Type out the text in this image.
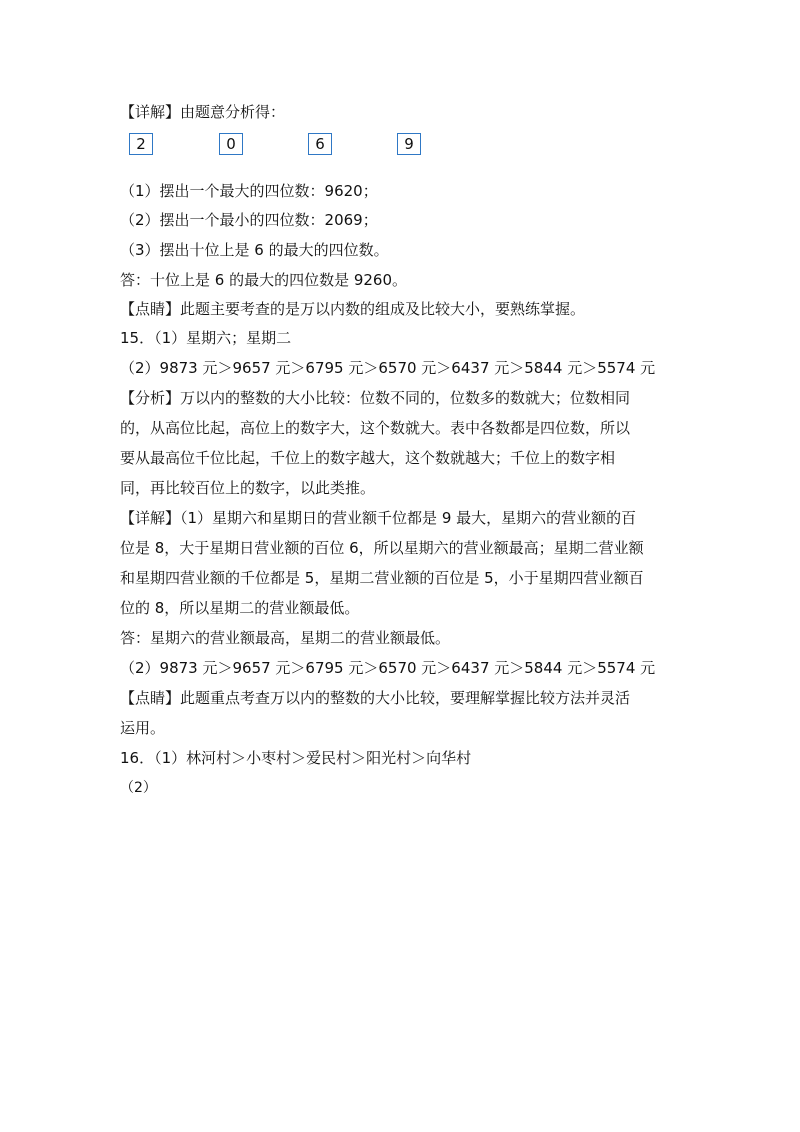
【详解】由题意分析得：
2	0	6	9
（1）摆出一个最大的四位数：9620；
（2）摆出一个最小的四位数：2069；
（3）摆出十位上是 6 的最大的四位数。
答：十位上是 6 的最大的四位数是 9260。
【点睛】此题主要考查的是万以内数的组成及比较大小，要熟练掌握。
15．（1）星期六；星期二
（2）9873 元＞9657 元＞6795 元＞6570 元＞6437 元＞5844 元＞5574 元
【分析】万以内的整数的大小比较：位数不同的，位数多的数就大；位数相同
的，从高位比起，高位上的数字大，这个数就大。表中各数都是四位数，所以
要从最高位千位比起，千位上的数字越大，这个数就越大；千位上的数字相
同，再比较百位上的数字，以此类推。
【详解】（1）星期六和星期日的营业额千位都是 9 最大，星期六的营业额的百
位是 8，大于星期日营业额的百位 6，所以星期六的营业额最高；星期二营业额
和星期四营业额的千位都是 5，星期二营业额的百位是 5，小于星期四营业额百
位的 8，所以星期二的营业额最低。
答：星期六的营业额最高，星期二的营业额最低。
（2）9873 元＞9657 元＞6795 元＞6570 元＞6437 元＞5844 元＞5574 元
【点睛】此题重点考查万以内的整数的大小比较，要理解掌握比较方法并灵活
运用。
16．（1）林河村＞小枣村＞爱民村＞阳光村＞向华村
（2）
